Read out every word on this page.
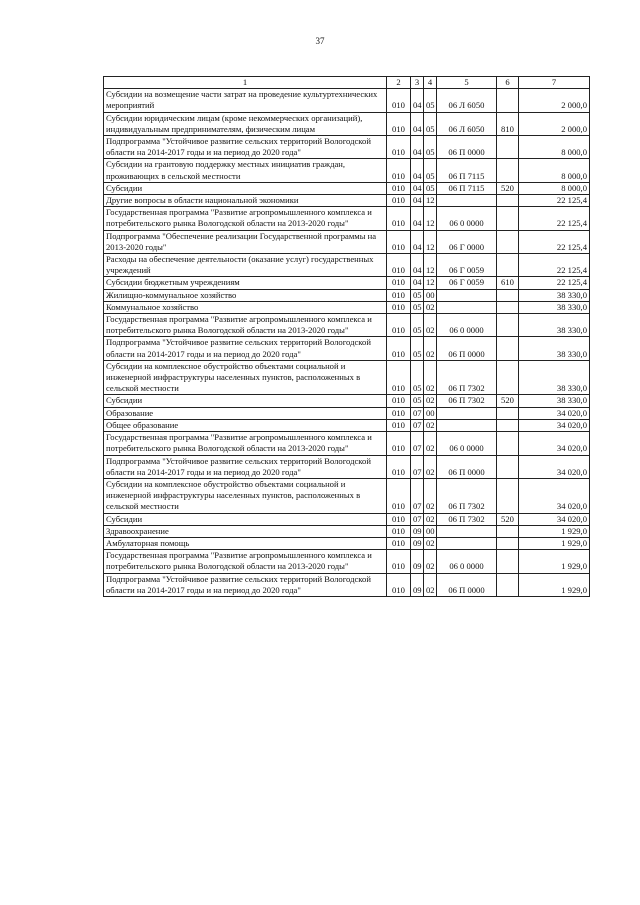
37
1	2	3	4	5	6	7
Субсидии на возмещение части затрат на проведение культуртехнических мероприятий	010	04	05	06 Л 6050		2 000,0
Субсидии юридическим лицам (кроме некоммерческих организаций), индивидуальным предпринимателям, физическим лицам	010	04	05	06 Л 6050	810	2 000,0
Подпрограмма "Устойчивое развитие сельских территорий Вологодской области на 2014-2017 годы и на период до 2020 года"	010	04	05	06 П 0000		8 000,0
Субсидии на грантовую поддержку местных инициатив граждан, проживающих в сельской местности	010	04	05	06 П 7115		8 000,0
Субсидии	010	04	05	06 П 7115	520	8 000,0
Другие вопросы в области национальной экономики	010	04	12			22 125,4
Государственная программа "Развитие агропромышленного комплекса и потребительского рынка Вологодской области на 2013-2020 годы"	010	04	12	06 0 0000		22 125,4
Подпрограмма "Обеспечение реализации Государственной программы на 2013-2020 годы"	010	04	12	06 Г 0000		22 125,4
Расходы на обеспечение деятельности (оказание услуг) государственных учреждений	010	04	12	06 Г 0059		22 125,4
Субсидии бюджетным учреждениям	010	04	12	06 Г 0059	610	22 125,4
Жилищно-коммунальное хозяйство	010	05	00			38 330,0
Коммунальное хозяйство	010	05	02			38 330,0
Государственная программа "Развитие агропромышленного комплекса и потребительского рынка Вологодской области на 2013-2020 годы"	010	05	02	06 0 0000		38 330,0
Подпрограмма "Устойчивое развитие сельских территорий Вологодской области на 2014-2017 годы и на период до 2020 года"	010	05	02	06 П 0000		38 330,0
Субсидии на комплексное обустройство объектами социальной и инженерной инфраструктуры населенных пунктов, расположенных в сельской местности	010	05	02	06 П 7302		38 330,0
Субсидии	010	05	02	06 П 7302	520	38 330,0
Образование	010	07	00			34 020,0
Общее образование	010	07	02			34 020,0
Государственная программа "Развитие агропромышленного комплекса и потребительского рынка Вологодской области на 2013-2020 годы"	010	07	02	06 0 0000		34 020,0
Подпрограмма "Устойчивое развитие сельских территорий Вологодской области на 2014-2017 годы и на период до 2020 года"	010	07	02	06 П 0000		34 020,0
Субсидии на комплексное обустройство объектами социальной и инженерной инфраструктуры населенных пунктов, расположенных в сельской местности	010	07	02	06 П 7302		34 020,0
Субсидии	010	07	02	06 П 7302	520	34 020,0
Здравоохранение	010	09	00			1 929,0
Амбулаторная помощь	010	09	02			1 929,0
Государственная программа "Развитие агропромышленного комплекса и потребительского рынка Вологодской области на 2013-2020 годы"	010	09	02	06 0 0000		1 929,0
Подпрограмма "Устойчивое развитие сельских территорий Вологодской области на 2014-2017 годы и на период до 2020 года"	010	09	02	06 П 0000		1 929,0
